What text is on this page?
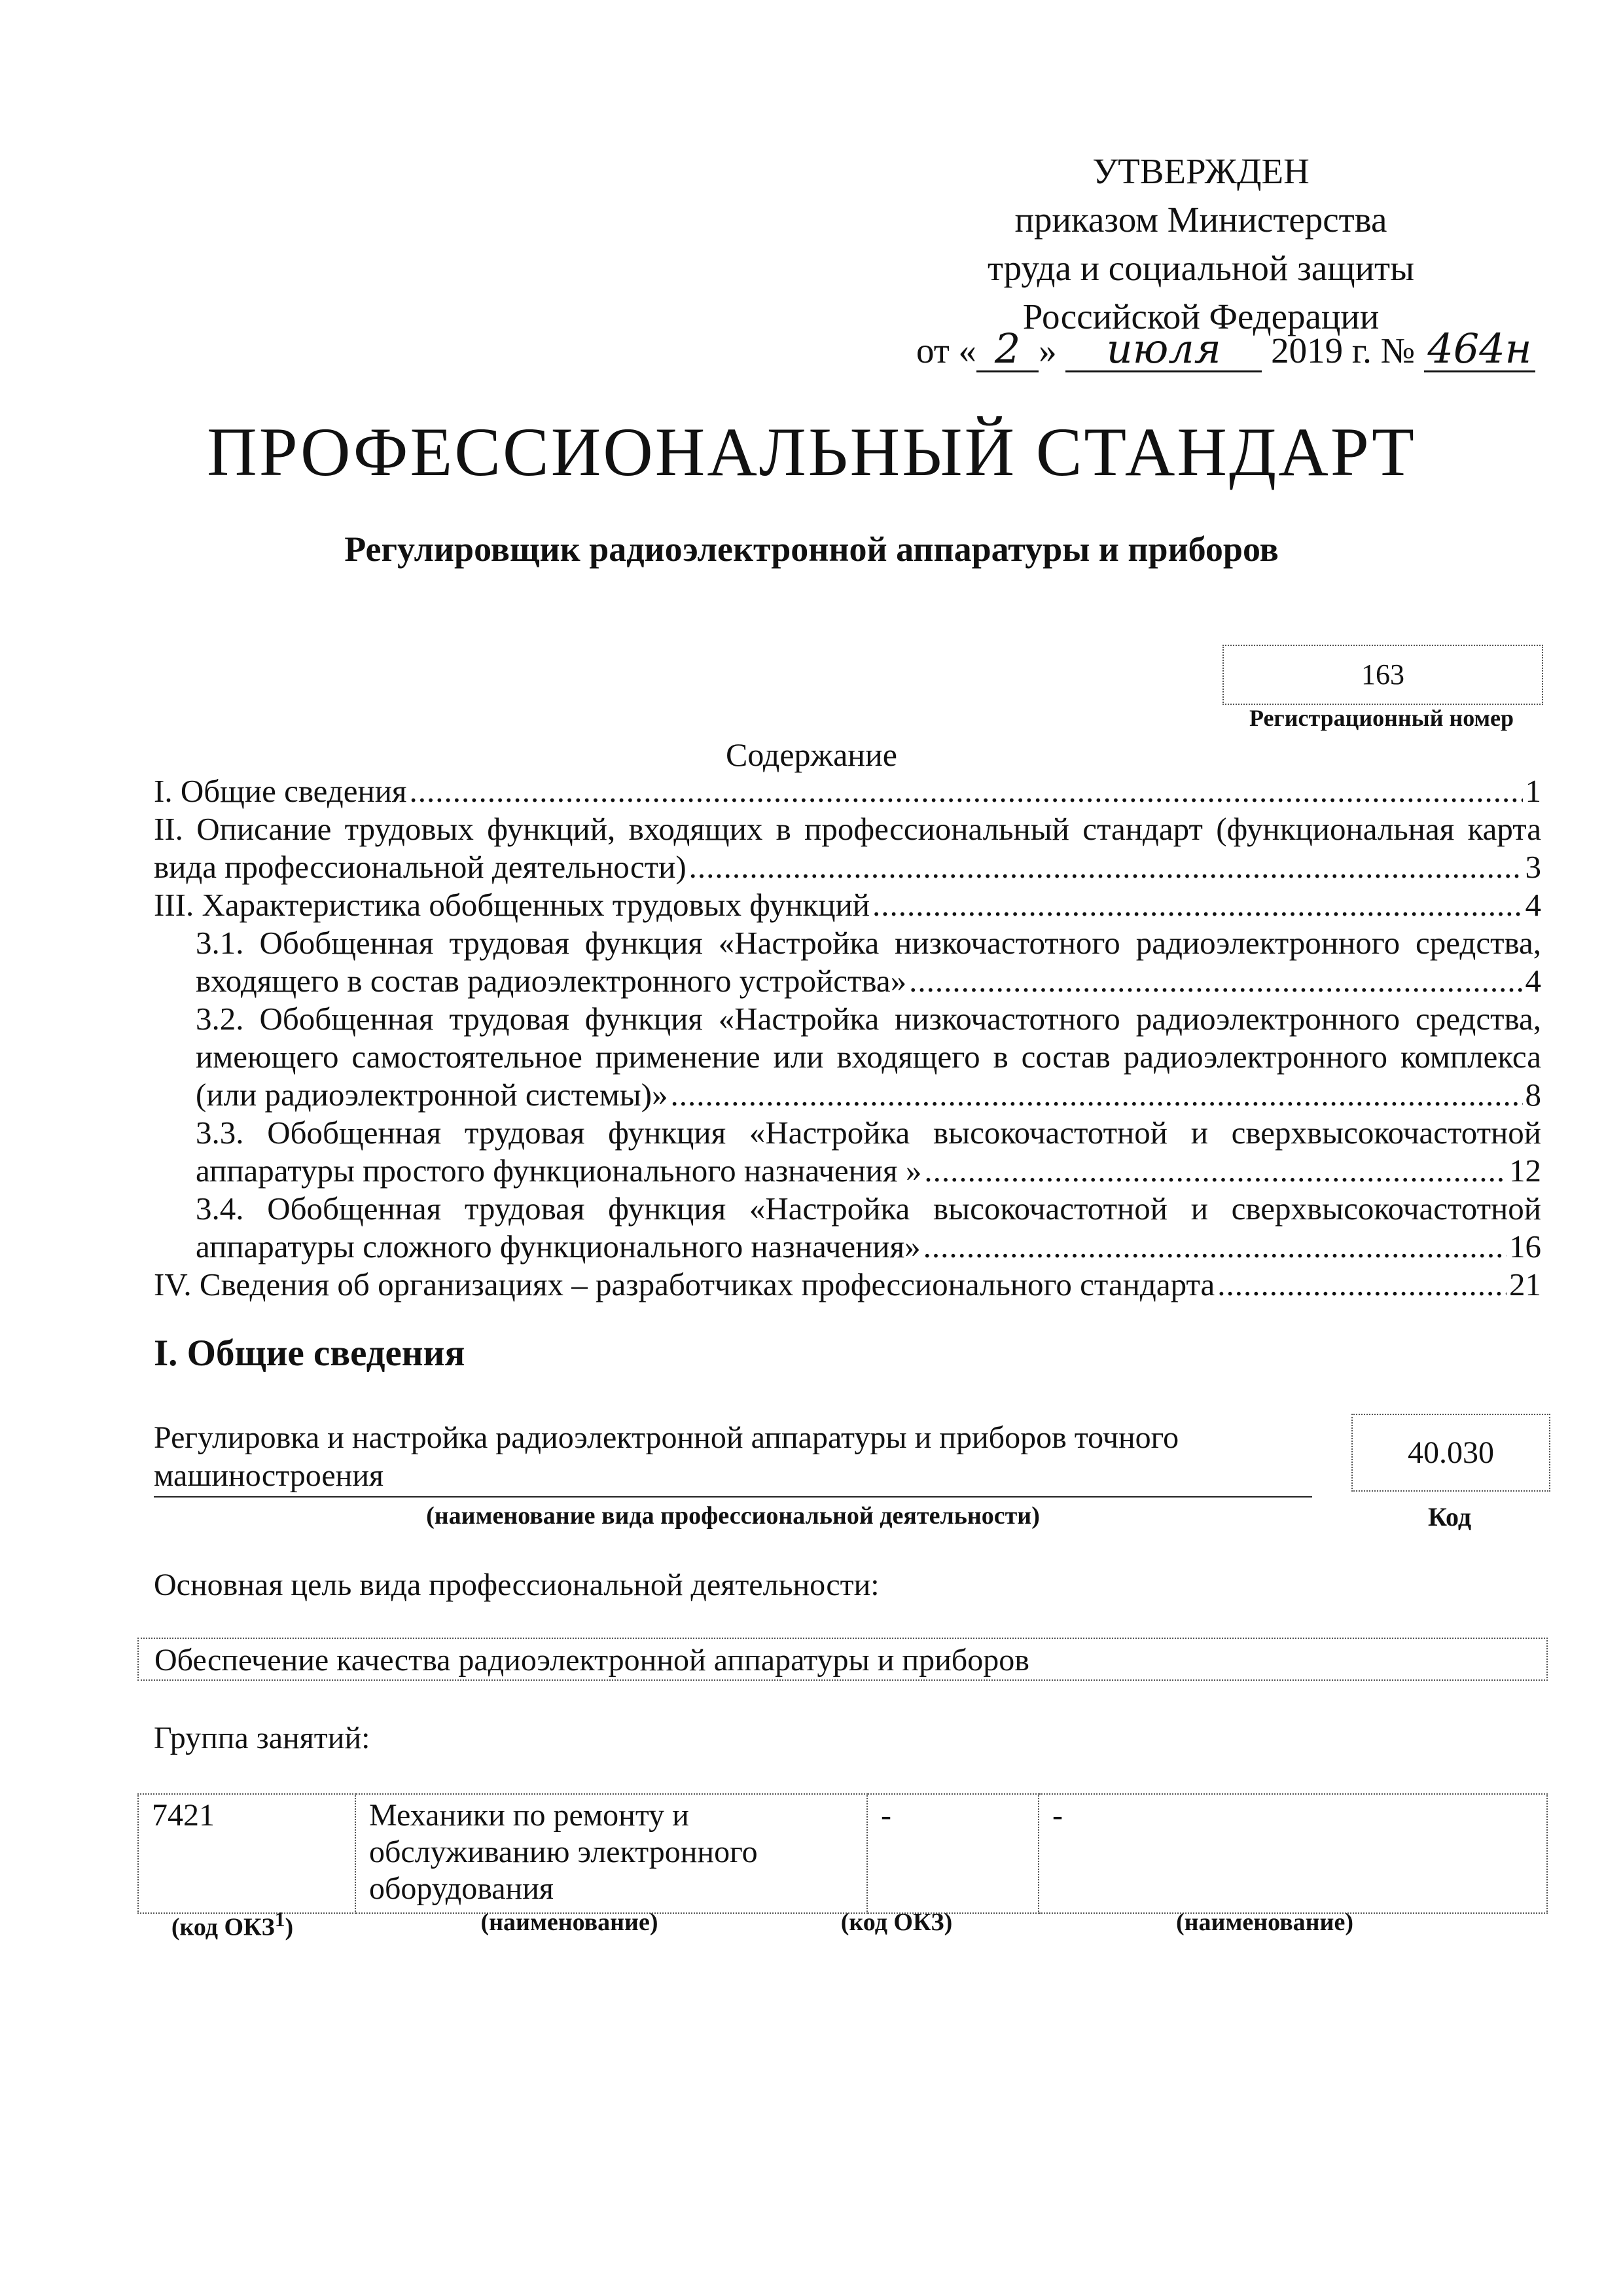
УТВЕРЖДЕН
приказом Министерства
труда и социальной защиты
Российской Федерации
от « 2 » июля 2019 г. № 464н
ПРОФЕССИОНАЛЬНЫЙ СТАНДАРТ
Регулировщик радиоэлектронной аппаратуры и приборов
163
Регистрационный номер
Содержание
I. Общие сведения .....	1
II. Описание трудовых функций, входящих в профессиональный стандарт (функциональная карта
вида профессиональной деятельности) .....	3
III. Характеристика обобщенных трудовых функций .....	4
3.1. Обобщенная трудовая функция «Настройка низкочастотного радиоэлектронного средства,
входящего в состав радиоэлектронного устройства» .....	4
3.2. Обобщенная трудовая функция «Настройка низкочастотного радиоэлектронного средства,
имеющего самостоятельное применение или входящего в состав радиоэлектронного комплекса
(или радиоэлектронной системы)» .....	8
3.3. Обобщенная трудовая функция «Настройка высокочастотной и сверхвысокочастотной
аппаратуры простого функционального назначения » .....	12
3.4. Обобщенная трудовая функция «Настройка высокочастотной и сверхвысокочастотной
аппаратуры сложного функционального назначения» .....	16
IV. Сведения об организациях – разработчиках профессионального стандарта .....	21
I. Общие сведения
Регулировка и настройка радиоэлектронной аппаратуры и приборов точного машиностроения
(наименование вида профессиональной деятельности)
40.030
Код
Основная цель вида профессиональной деятельности:
Обеспечение качества радиоэлектронной аппаратуры и приборов
Группа занятий:
7421	Механики по ремонту и обслуживанию электронного оборудования	-	-
(код ОКЗ$^1$)	(наименование)	(код ОКЗ)	(наименование)
